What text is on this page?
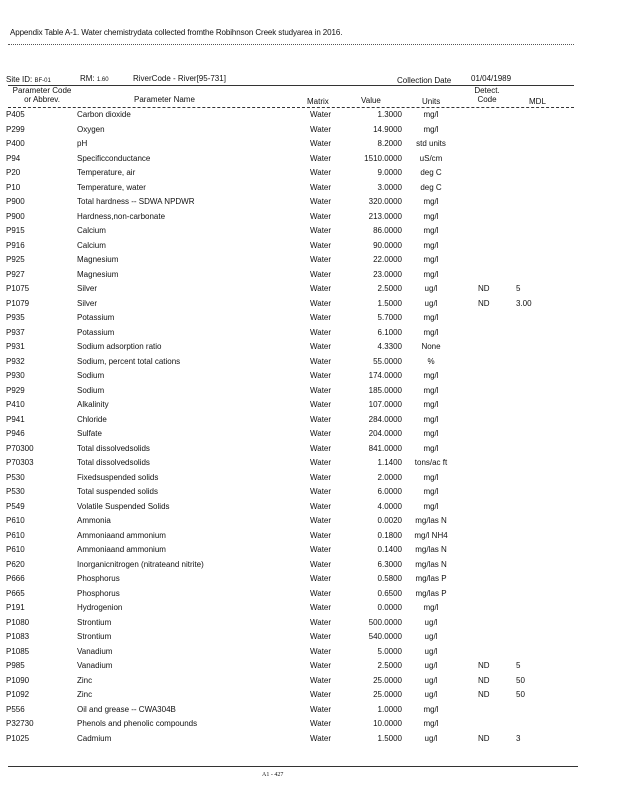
Appendix Table A-1. Water chemistrydata collected fromthe Robihnson Creek studyarea in 2016.
Site ID: BF-01	RM: 1.60	RiverCode - River[95-731]	Collection Date 01/04/1989
Parameter Code
or Abbrev.	Parameter Name	Matrix	Value	Units
Detect.
Code	MDL
P405	Carbon dioxide	Water	1.3000	mg/l
P299	Oxygen	Water	14.9000	mg/l
P400	pH	Water	8.2000	std units
P94	Specificconductance	Water	1510.0000	uS/cm
P20	Temperature, air	Water	9.0000	deg C
P10	Temperature, water	Water	3.0000	deg C
P900	Total hardness -- SDWA NPDWR	Water	320.0000	mg/l
P900	Hardness,non-carbonate	Water	213.0000	mg/l
P915	Calcium	Water	86.0000	mg/l
P916	Calcium	Water	90.0000	mg/l
P925	Magnesium	Water	22.0000	mg/l
P927	Magnesium	Water	23.0000	mg/l
P1075	Silver	Water	2.5000	ug/l	ND	5
P1079	Silver	Water	1.5000	ug/l	ND	3.00
P935	Potassium	Water	5.7000	mg/l
P937	Potassium	Water	6.1000	mg/l
P931	Sodium adsorption ratio	Water	4.3300	None
P932	Sodium, percent total cations	Water	55.0000	%
P930	Sodium	Water	174.0000	mg/l
P929	Sodium	Water	185.0000	mg/l
P410	Alkalinity	Water	107.0000	mg/l
P941	Chloride	Water	284.0000	mg/l
P946	Sulfate	Water	204.0000	mg/l
P70300	Total dissolvedsolids	Water	841.0000	mg/l
P70303	Total dissolvedsolids	Water	1.1400	tons/ac ft
P530	Fixedsuspended solids	Water	2.0000	mg/l
P530	Total suspended solids	Water	6.0000	mg/l
P549	Volatile Suspended Solids	Water	4.0000	mg/l
P610	Ammonia	Water	0.0020	mg/las N
P610	Ammoniaand ammonium	Water	0.1800	mg/l NH4
P610	Ammoniaand ammonium	Water	0.1400	mg/las N
P620	Inorganicnitrogen (nitrateand nitrite)	Water	6.3000	mg/las N
P666	Phosphorus	Water	0.5800	mg/las P
P665	Phosphorus	Water	0.6500	mg/las P
P191	Hydrogenion	Water	0.0000	mg/l
P1080	Strontium	Water	500.0000	ug/l
P1083	Strontium	Water	540.0000	ug/l
P1085	Vanadium	Water	5.0000	ug/l
P985	Vanadium	Water	2.5000	ug/l	ND	5
P1090	Zinc	Water	25.0000	ug/l	ND	50
P1092	Zinc	Water	25.0000	ug/l	ND	50
P556	Oil and grease -- CWA304B	Water	1.0000	mg/l
P32730	Phenols and phenolic compounds	Water	10.0000	mg/l
P1025	Cadmium	Water	1.5000	ug/l	ND	3
A1 - 427
